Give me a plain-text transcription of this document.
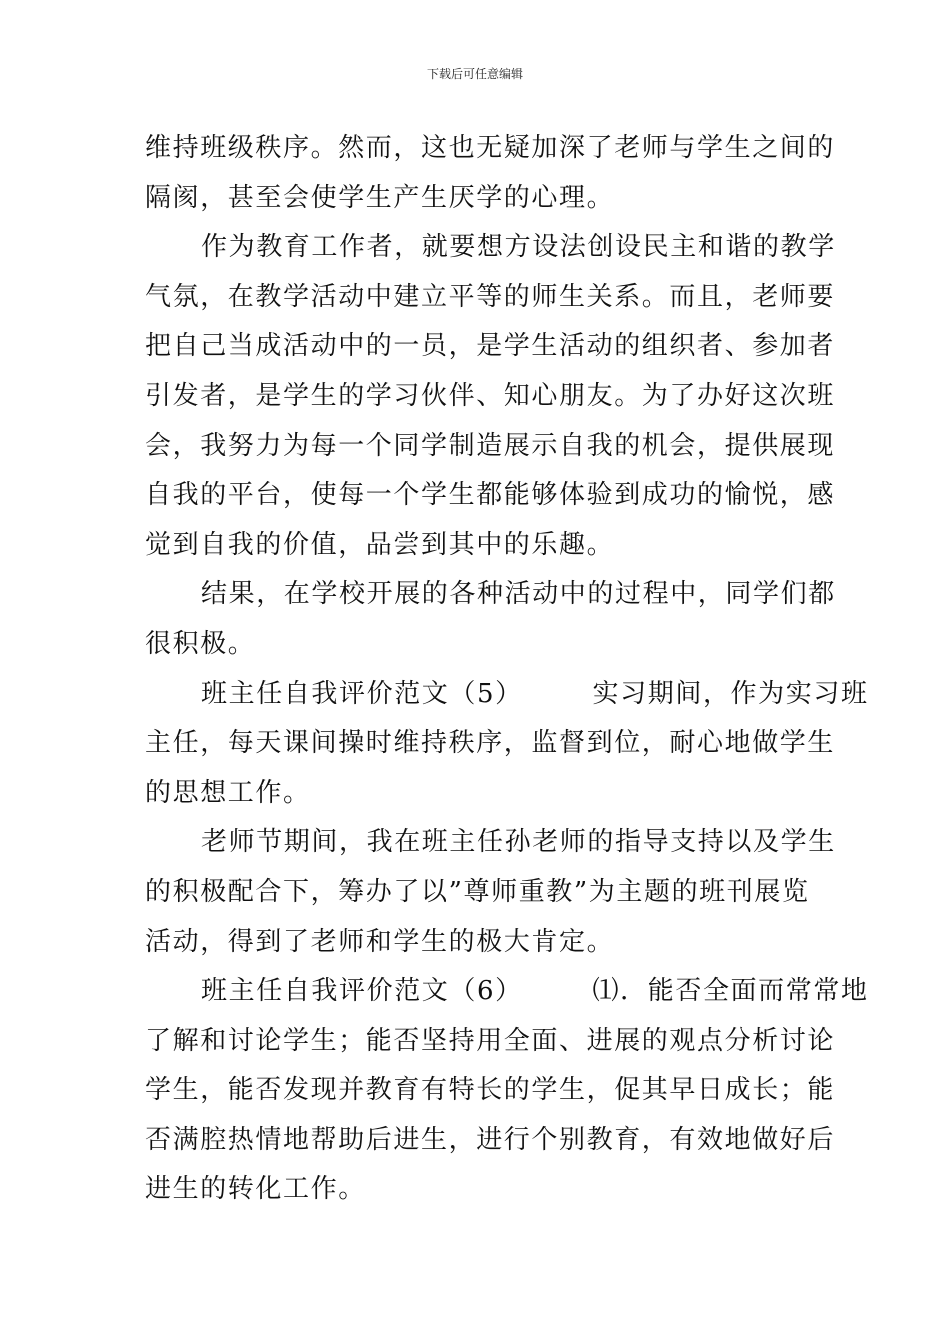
下载后可任意编辑
维持班级秩序。然而，这也无疑加深了老师与学生之间的
隔阂，甚至会使学生产生厌学的心理。
作为教育工作者，就要想方设法创设民主和谐的教学
气氛，在教学活动中建立平等的师生关系。而且，老师要
把自己当成活动中的一员，是学生活动的组织者、参加者
引发者，是学生的学习伙伴、知心朋友。为了办好这次班
会，我努力为每一个同学制造展示自我的机会，提供展现
自我的平台，使每一个学生都能够体验到成功的愉悦，感
觉到自我的价值，品尝到其中的乐趣。
结果，在学校开展的各种活动中的过程中，同学们都
很积极。
班主任自我评价范文（5）　　　实习期间，作为实习班
主任，每天课间操时维持秩序，监督到位，耐心地做学生
的思想工作。
老师节期间，我在班主任孙老师的指导支持以及学生
的积极配合下，筹办了以”尊师重教”为主题的班刊展览
活动，得到了老师和学生的极大肯定。
班主任自我评价范文（6）　　　⑴．能否全面而常常地
了解和讨论学生；能否坚持用全面、进展的观点分析讨论
学生，能否发现并教育有特长的学生，促其早日成长；能
否满腔热情地帮助后进生，进行个别教育，有效地做好后
进生的转化工作。
